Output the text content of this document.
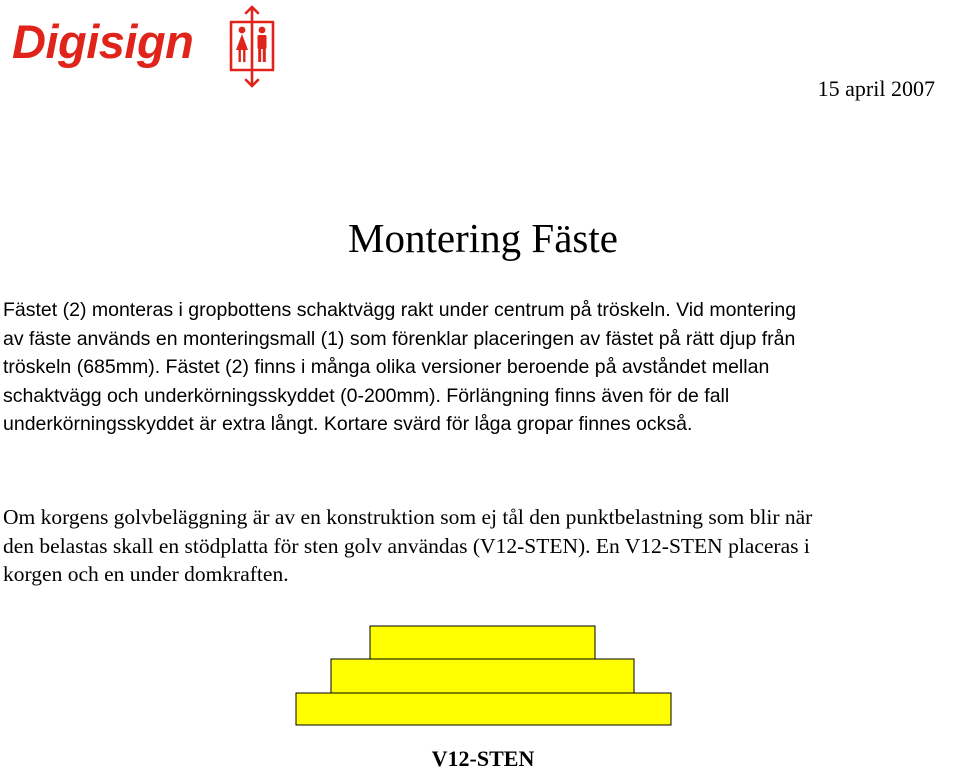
Digisign
15 april 2007
Montering Fäste
Fästet (2) monteras i gropbottens schaktvägg rakt under centrum på tröskeln. Vid montering
av fäste används en monteringsmall (1) som förenklar placeringen av fästet på rätt djup från
tröskeln (685mm). Fästet (2) finns i många olika versioner beroende på avståndet mellan
schaktvägg och underkörningsskyddet (0-200mm). Förlängning finns även för de fall
underkörningsskyddet är extra långt. Kortare svärd för låga gropar finnes också.
Om korgens golvbeläggning är av en konstruktion som ej tål den punktbelastning som blir när
den belastas skall en stödplatta för sten golv användas (V12-STEN). En V12-STEN placeras i
korgen och en under domkraften.
V12-STEN
